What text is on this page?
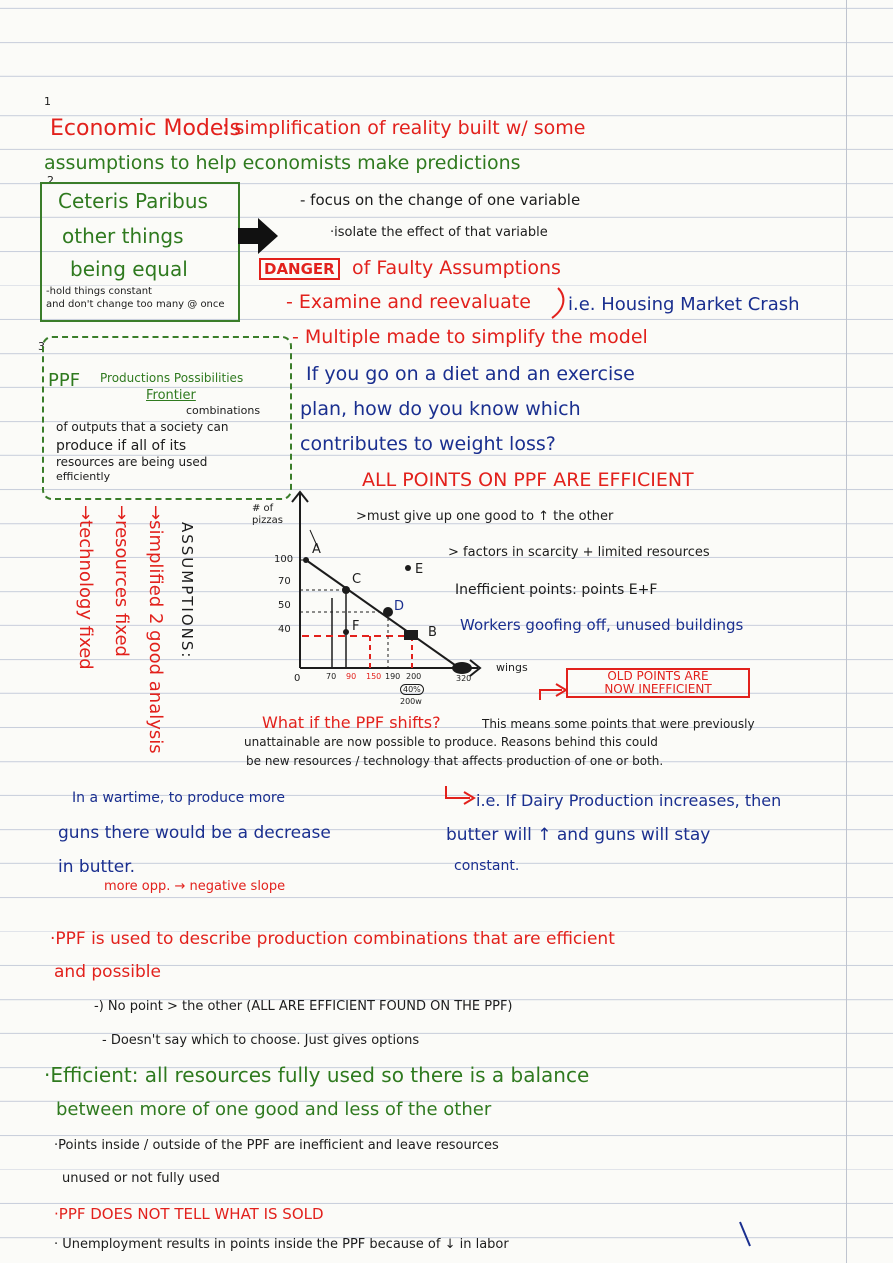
1
2
3
Economic Models
: simplification of reality built w/ some
assumptions to help economists make predictions
Ceteris Paribus
other things
being equal
-hold things constant
and don't change too many @ once
- focus on the change of one variable
·isolate the effect of that variable
DANGER of Faulty Assumptions
- Examine and reevaluate i.e. Housing Market Crash
- Multiple made to simplify the model
If you go on a diet and an exercise
plan, how do you know which
contributes to weight loss?
PPF Productions Possibilities
Frontier
combinations
of outputs that a society can
produce if all of its
resources are being used
efficiently	ALL POINTS ON PPF ARE EFFICIENT
ASSUMPTIONS:
→simplified 2 good analysis
→resources fixed
→technology fixed	# of pizzas
wings
A
C
E
D
F	B
100
70
50
40
0	70 90 150 190 200	320
40%
200w
>must give up one good to ↑ the other
> factors in scarcity + limited resources
Inefficient points: points E+F
Workers goofing off, unused buildings
OLD POINTS ARE
NOW INEFFICIENT
What if the PPF shifts?	This means some points that were previously
unattainable are now possible to produce. Reasons behind this could
be new resources / technology that affects production of one or both.
In a wartime, to produce more
guns there would be a decrease
in butter.
more opp. → negative slope
i.e. If Dairy Production increases, then
butter will ↑ and guns will stay
constant.
·PPF is used to describe production combinations that are efficient
and possible
-) No point > the other (ALL ARE EFFICIENT FOUND ON THE PPF)
- Doesn't say which to choose. Just gives options
·Efficient: all resources fully used so there is a balance
between more of one good and less of the other
·Points inside / outside of the PPF are inefficient and leave resources
unused or not fully used
·PPF DOES NOT TELL WHAT IS SOLD
· Unemployment results in points inside the PPF because of ↓ in labor
